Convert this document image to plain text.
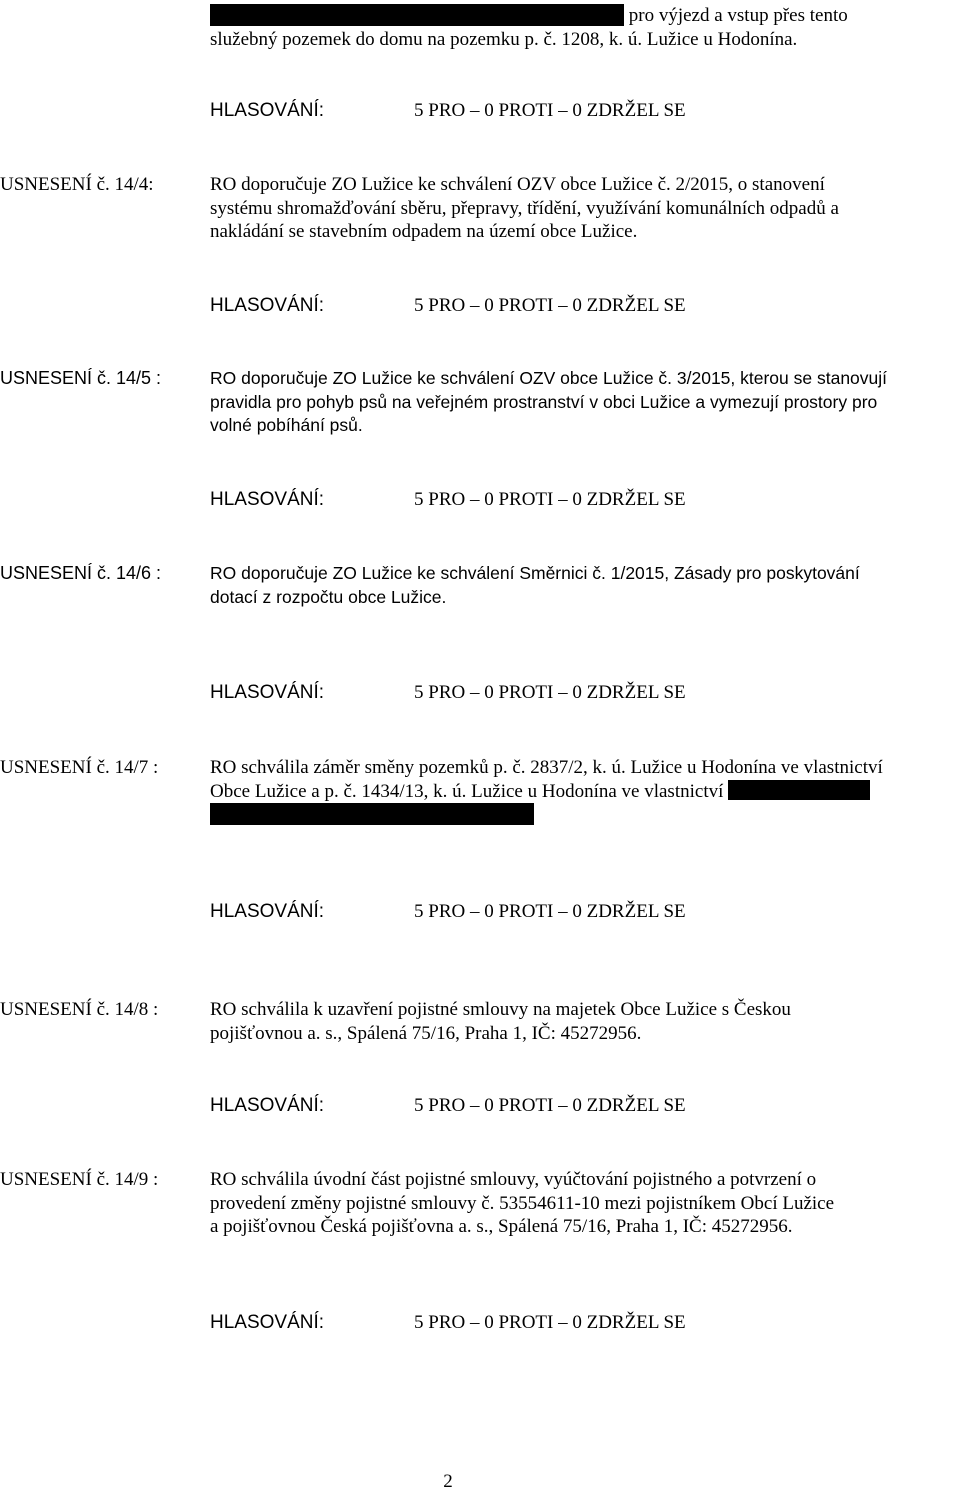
pro výjezd a vstup přes tento
služebný pozemek do domu na pozemku p. č. 1208, k. ú. Lužice u Hodonína.
HLASOVÁNÍ:	5 PRO – 0 PROTI – 0 ZDRŽEL SE
USNESENÍ č. 14/4:	RO doporučuje ZO Lužice ke schválení OZV obce Lužice č. 2/2015, o stanovení
systému shromažďování sběru, přepravy, třídění, využívání komunálních odpadů a
nakládání se stavebním odpadem na území obce Lužice.
HLASOVÁNÍ:	5 PRO – 0 PROTI – 0 ZDRŽEL SE
USNESENÍ č. 14/5 :	RO doporučuje ZO Lužice ke schválení OZV obce Lužice č. 3/2015, kterou se stanovují
pravidla pro pohyb psů na veřejném prostranství v obci Lužice a vymezují prostory pro
volné pobíhání psů.
HLASOVÁNÍ:	5 PRO – 0 PROTI – 0 ZDRŽEL SE
USNESENÍ č. 14/6 :	RO doporučuje ZO Lužice ke schválení Směrnici č. 1/2015, Zásady pro poskytování
dotací z rozpočtu obce Lužice.
HLASOVÁNÍ:	5 PRO – 0 PROTI – 0 ZDRŽEL SE
USNESENÍ č. 14/7 :	RO schválila záměr směny pozemků p. č. 2837/2, k. ú. Lužice u Hodonína ve vlastnictví
Obce Lužice a p. č. 1434/13, k. ú. Lužice u Hodonína ve vlastnictví
HLASOVÁNÍ:	5 PRO – 0 PROTI – 0 ZDRŽEL SE
USNESENÍ č. 14/8 :	RO schválila k uzavření pojistné smlouvy na majetek Obce Lužice s Českou
pojišťovnou a. s., Spálená 75/16, Praha 1, IČ: 45272956.
HLASOVÁNÍ:	5 PRO – 0 PROTI – 0 ZDRŽEL SE
USNESENÍ č. 14/9 :	RO schválila úvodní část pojistné smlouvy, vyúčtování pojistného a potvrzení o
provedení změny pojistné smlouvy č. 53554611-10 mezi pojistníkem Obcí Lužice
a pojišťovnou Česká pojišťovna a. s., Spálená 75/16, Praha 1, IČ: 45272956.
HLASOVÁNÍ:	5 PRO – 0 PROTI – 0 ZDRŽEL SE
2
